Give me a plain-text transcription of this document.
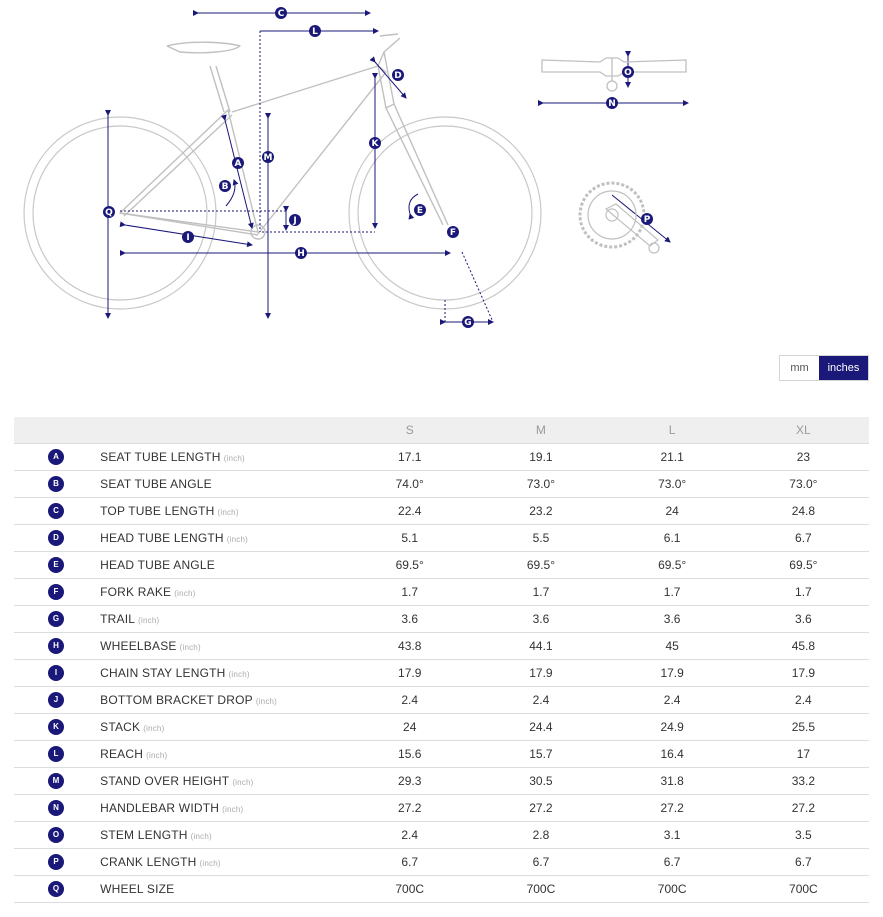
C
L
D	O
N
K
M
A
B
Q
J
I
H
E
F
P
G
mm	inches
		S	M	L	XL
A	SEAT TUBE LENGTH (inch)	17.1	19.1	21.1	23
B	SEAT TUBE ANGLE	74.0°	73.0°	73.0°	73.0°
C	TOP TUBE LENGTH (inch)	22.4	23.2	24	24.8
D	HEAD TUBE LENGTH (inch)	5.1	5.5	6.1	6.7
E	HEAD TUBE ANGLE	69.5°	69.5°	69.5°	69.5°
F	FORK RAKE (inch)	1.7	1.7	1.7	1.7
G	TRAIL (inch)	3.6	3.6	3.6	3.6
H	WHEELBASE (inch)	43.8	44.1	45	45.8
I	CHAIN STAY LENGTH (inch)	17.9	17.9	17.9	17.9
J	BOTTOM BRACKET DROP (inch)	2.4	2.4	2.4	2.4
K	STACK (inch)	24	24.4	24.9	25.5
L	REACH (inch)	15.6	15.7	16.4	17
M	STAND OVER HEIGHT (inch)	29.3	30.5	31.8	33.2
N	HANDLEBAR WIDTH (inch)	27.2	27.2	27.2	27.2
O	STEM LENGTH (inch)	2.4	2.8	3.1	3.5
P	CRANK LENGTH (inch)	6.7	6.7	6.7	6.7
Q	WHEEL SIZE	700C	700C	700C	700C
